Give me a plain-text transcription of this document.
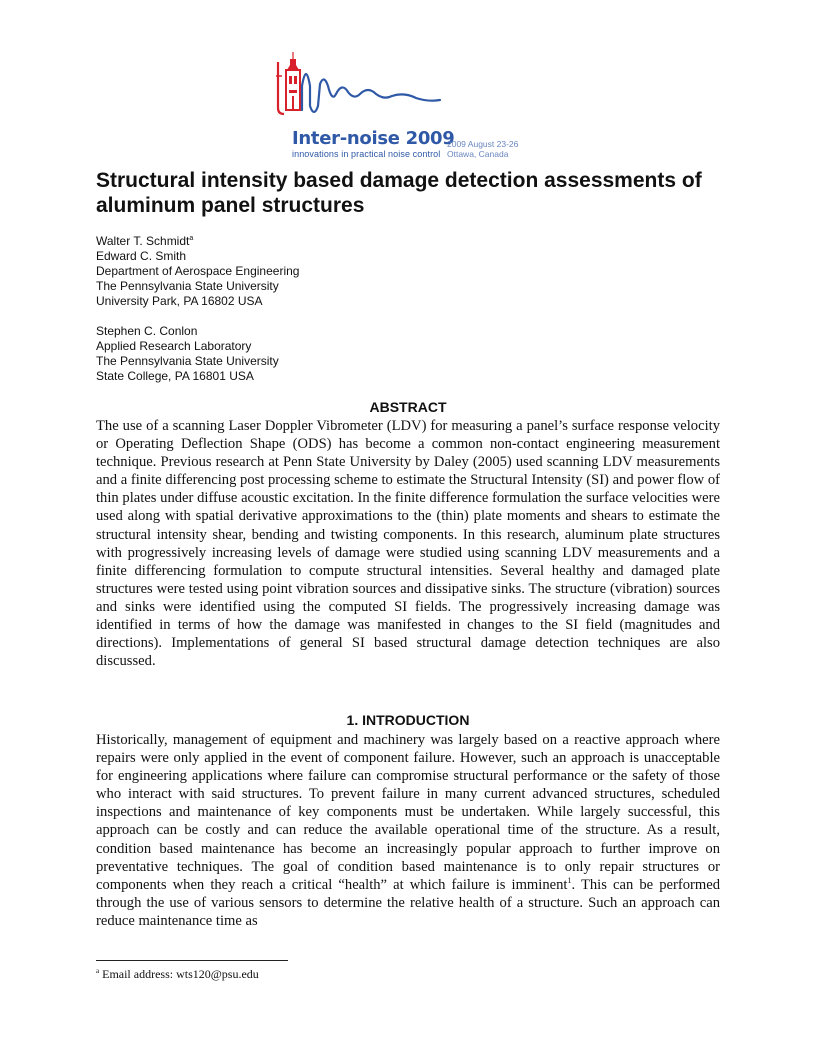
Inter-noise 2009
innovations in practical noise control
2009 August 23-26
Ottawa, Canada
Structural intensity based damage detection assessments of aluminum panel structures
Walter T. Schmidt$^a$
Edward C. Smith
Department of Aerospace Engineering
The Pennsylvania State University
University Park, PA 16802 USA
Stephen C. Conlon
Applied Research Laboratory
The Pennsylvania State University
State College, PA 16801 USA
ABSTRACT

The use of a scanning Laser Doppler Vibrometer (LDV) for measuring a panel’s surface response velocity or Operating Deflection Shape (ODS) has become a common non-contact engineering measurement technique. Previous research at Penn State University by Daley (2005) used scanning LDV measurements and a finite differencing post processing scheme to estimate the Structural Intensity (SI) and power flow of thin plates under diffuse acoustic excitation. In the finite difference formulation the surface velocities were used along with spatial derivative approximations to the (thin) plate moments and shears to estimate the structural intensity shear, bending and twisting components. In this research, aluminum plate structures with progressively increasing levels of damage were studied using scanning LDV measurements and a finite differencing formulation to compute structural intensities. Several healthy and damaged plate structures were tested using point vibration sources and dissipative sinks. The structure (vibration) sources and sinks were identified using the computed SI fields. The progressively increasing damage was identified in terms of how the damage was manifested in changes to the SI field (magnitudes and directions). Implementations of general SI based structural damage detection techniques are also discussed.

1. INTRODUCTION

Historically, management of equipment and machinery was largely based on a reactive approach where repairs were only applied in the event of component failure. However, such an approach is unacceptable for engineering applications where failure can compromise structural performance or the safety of those who interact with said structures. To prevent failure in many current advanced structures, scheduled inspections and maintenance of key components must be undertaken. While largely successful, this approach can be costly and can reduce the available operational time of the structure. As a result, condition based maintenance has become an increasingly popular approach to further improve on preventative techniques. The goal of condition based maintenance is to only repair structures or components when they reach a critical “health” at which failure is imminent$^1$. This can be performed through the use of various sensors to determine the relative health of a structure. Such an approach can reduce maintenance time as

$^a$ Email address: wts120@psu.edu
